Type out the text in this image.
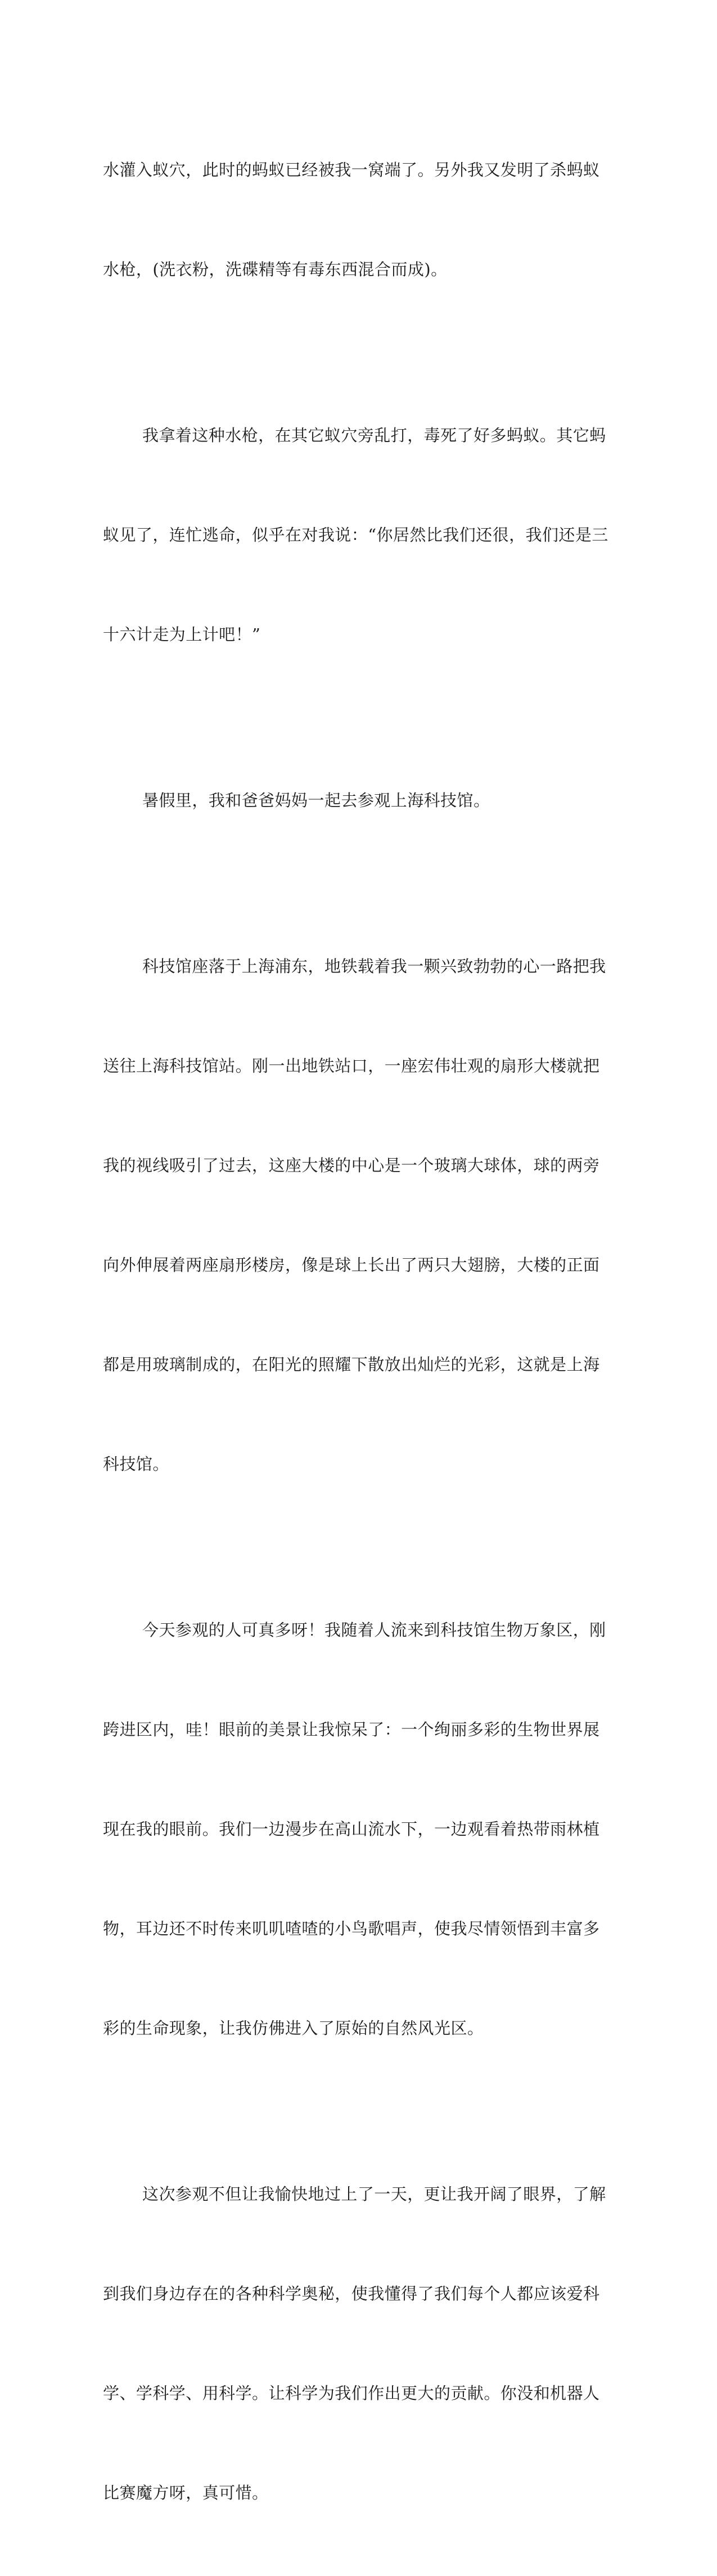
水灌入蚁穴，此时的蚂蚁已经被我一窝端了。另外我又发明了杀蚂蚁

水枪，(洗衣粉，洗碟精等有毒东西混合而成)。

我拿着这种水枪，在其它蚁穴旁乱打，毒死了好多蚂蚁。其它蚂

蚁见了，连忙逃命，似乎在对我说：“你居然比我们还很，我们还是三

十六计走为上计吧！”

暑假里，我和爸爸妈妈一起去参观上海科技馆。

科技馆座落于上海浦东，地铁载着我一颗兴致勃勃的心一路把我

送往上海科技馆站。刚一出地铁站口，一座宏伟壮观的扇形大楼就把

我的视线吸引了过去，这座大楼的中心是一个玻璃大球体，球的两旁

向外伸展着两座扇形楼房，像是球上长出了两只大翅膀，大楼的正面

都是用玻璃制成的，在阳光的照耀下散放出灿烂的光彩，这就是上海

科技馆。

今天参观的人可真多呀！我随着人流来到科技馆生物万象区，刚

跨进区内，哇！眼前的美景让我惊呆了：一个绚丽多彩的生物世界展

现在我的眼前。我们一边漫步在高山流水下，一边观看着热带雨林植

物，耳边还不时传来叽叽喳喳的小鸟歌唱声，使我尽情领悟到丰富多

彩的生命现象，让我仿佛进入了原始的自然风光区。

这次参观不但让我愉快地过上了一天，更让我开阔了眼界，了解

到我们身边存在的各种科学奥秘，使我懂得了我们每个人都应该爱科

学、学科学、用科学。让科学为我们作出更大的贡献。你没和机器人

比赛魔方呀，真可惜。
